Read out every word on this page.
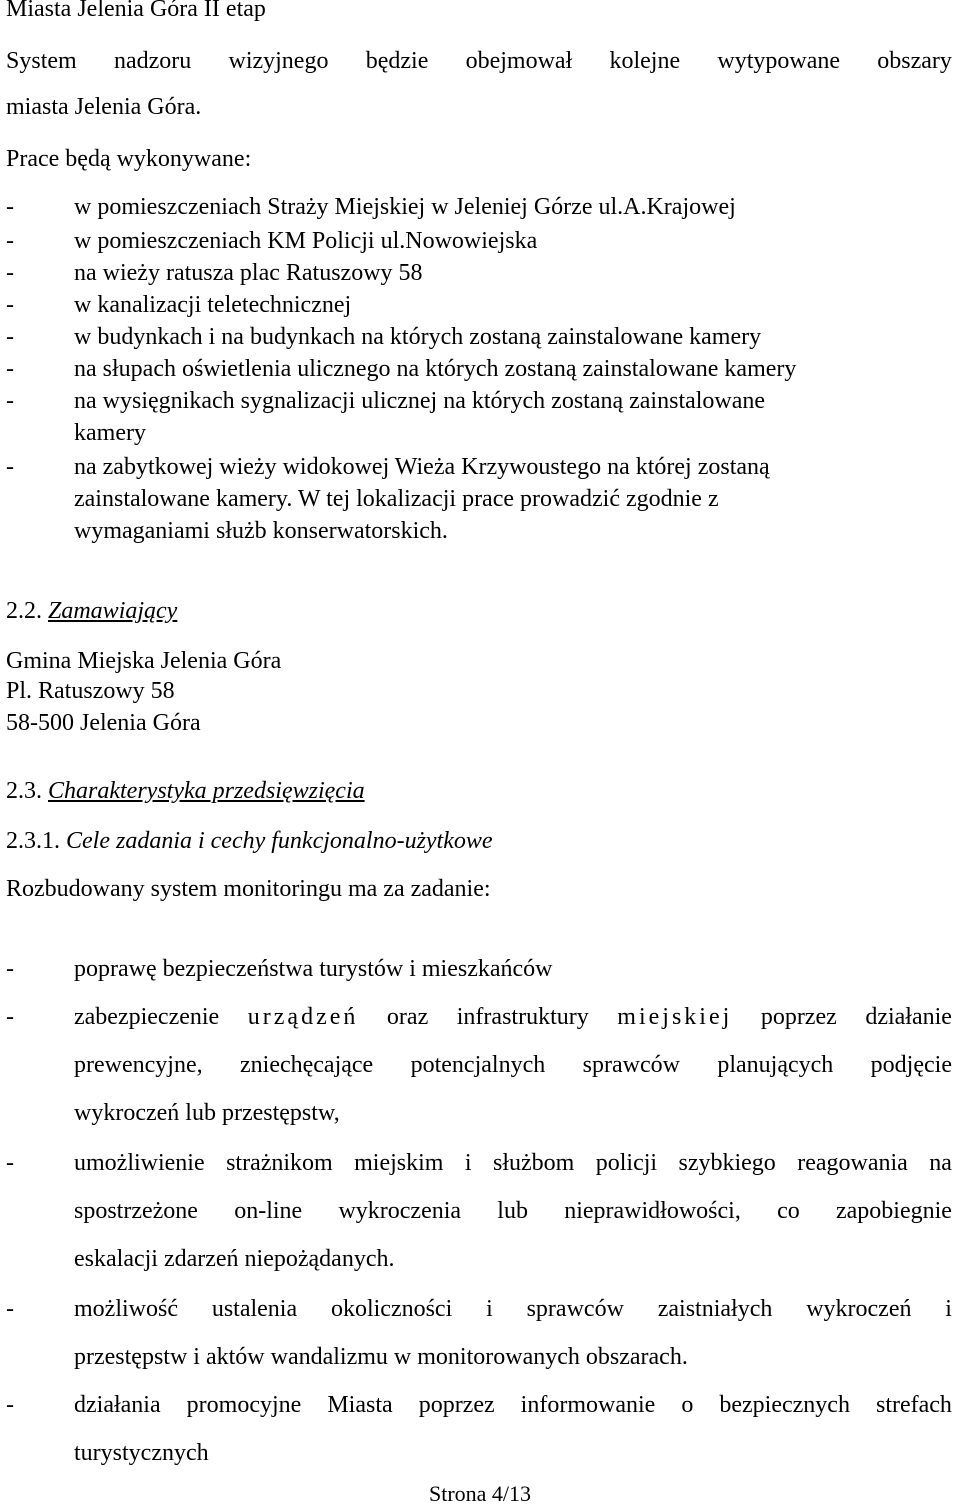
Miasta Jelenia Góra II etap
System nadzoru wizyjnego będzie obejmował kolejne wytypowane obszary
miasta Jelenia Góra.
Prace będą wykonywane:
-	w pomieszczeniach Straży Miejskiej w Jeleniej Górze ul.A.Krajowej
-	w pomieszczeniach KM Policji ul.Nowowiejska
-	na wieży ratusza plac Ratuszowy 58
-	w kanalizacji teletechnicznej
-	w budynkach i na budynkach na których zostaną zainstalowane kamery
-	na słupach oświetlenia ulicznego na których zostaną zainstalowane kamery
-	na wysięgnikach sygnalizacji ulicznej na których zostaną zainstalowane
kamery
-	na zabytkowej wieży widokowej Wieża Krzywoustego na której zostaną
zainstalowane kamery. W tej lokalizacji prace prowadzić zgodnie z
wymaganiami służb konserwatorskich.
2.2. Zamawiający
Gmina Miejska Jelenia Góra
Pl. Ratuszowy 58
58-500 Jelenia Góra
2.3. Charakterystyka przedsięwzięcia
2.3.1. Cele zadania i cechy funkcjonalno-użytkowe
Rozbudowany system monitoringu ma za zadanie:
-	poprawę bezpieczeństwa turystów i mieszkańców
-	zabezpieczenie urządzeń oraz infrastruktury miejskiej poprzez działanie
prewencyjne, zniechęcające potencjalnych sprawców planujących podjęcie
wykroczeń lub przestępstw,
-	umożliwienie strażnikom miejskim i służbom policji szybkiego reagowania na
spostrzeżone on-line wykroczenia lub nieprawidłowości, co zapobiegnie
eskalacji zdarzeń niepożądanych.
-	możliwość ustalenia okoliczności i sprawców zaistniałych wykroczeń i
przestępstw i aktów wandalizmu w monitorowanych obszarach.
-	działania promocyjne Miasta poprzez informowanie o bezpiecznych strefach
turystycznych
Strona 4/13
